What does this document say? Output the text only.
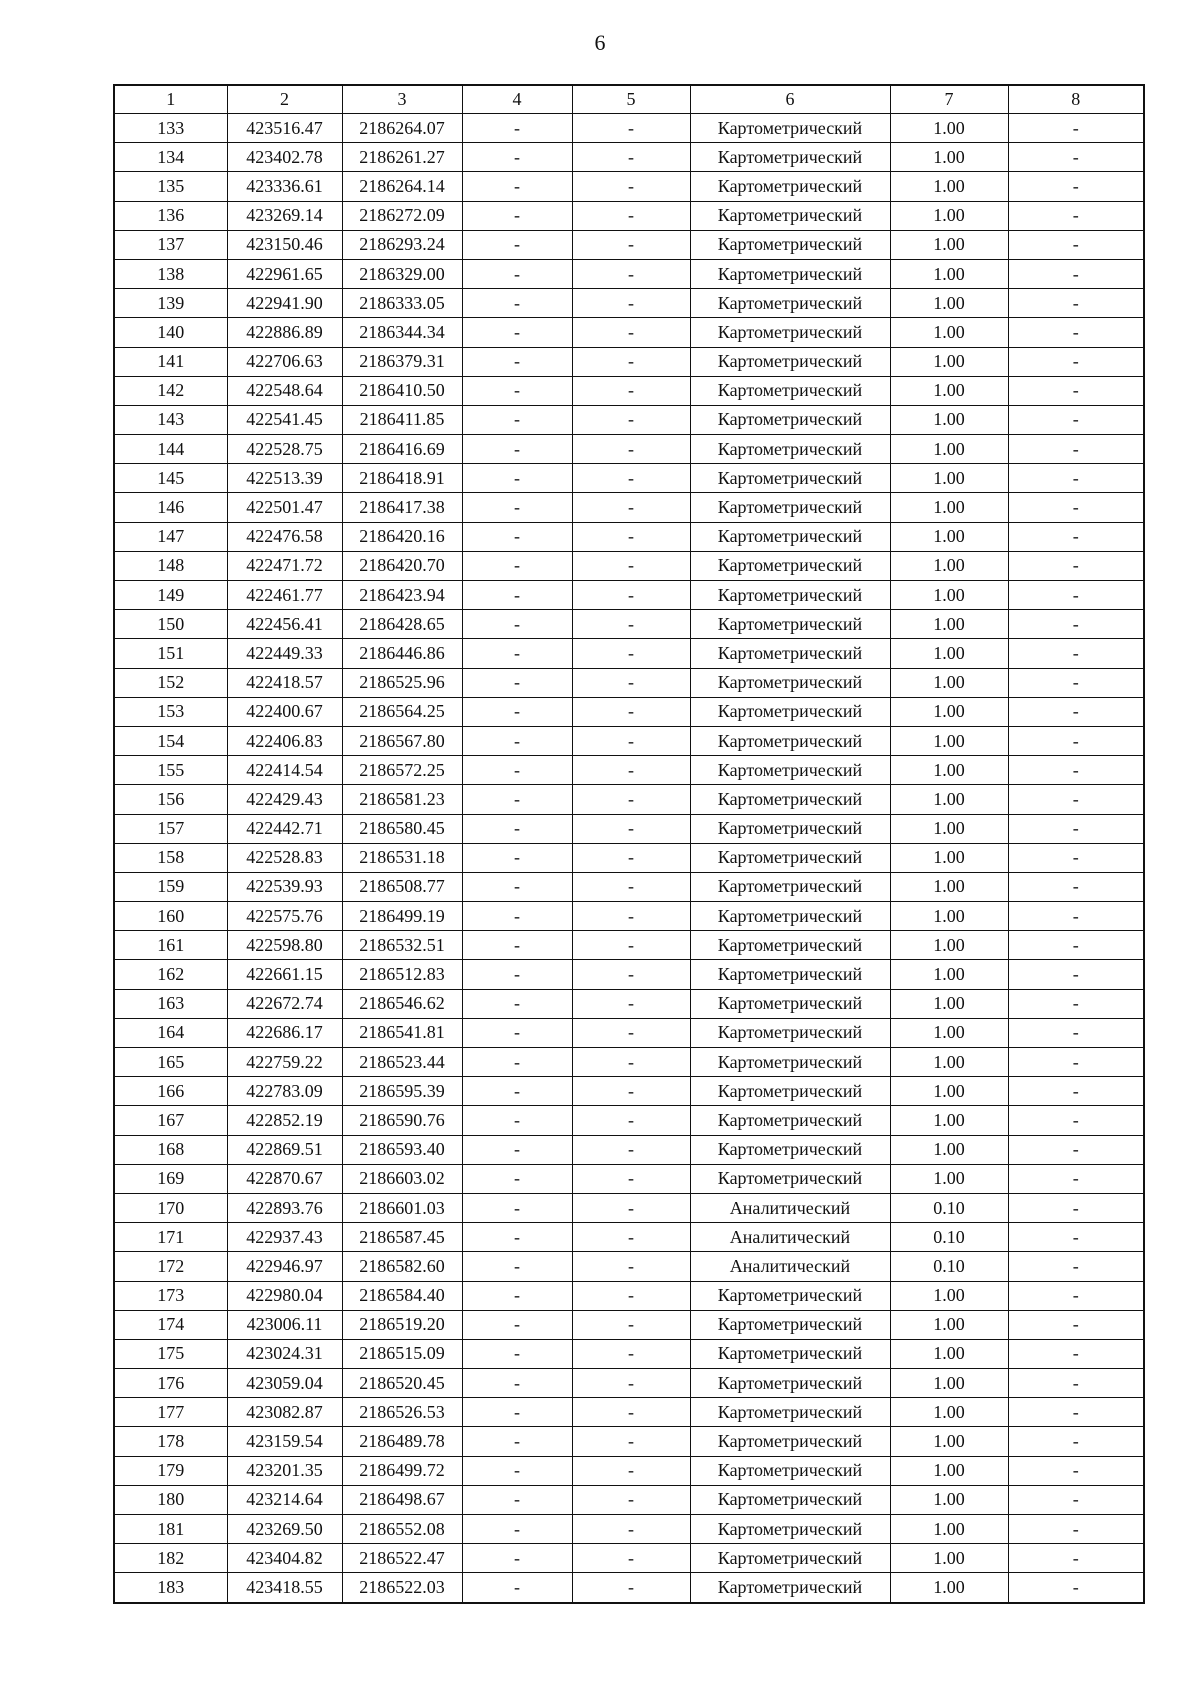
6
1	2	3	4	5	6	7	8
133	423516.47	2186264.07	-	-	Картометрический	1.00	-
134	423402.78	2186261.27	-	-	Картометрический	1.00	-
135	423336.61	2186264.14	-	-	Картометрический	1.00	-
136	423269.14	2186272.09	-	-	Картометрический	1.00	-
137	423150.46	2186293.24	-	-	Картометрический	1.00	-
138	422961.65	2186329.00	-	-	Картометрический	1.00	-
139	422941.90	2186333.05	-	-	Картометрический	1.00	-
140	422886.89	2186344.34	-	-	Картометрический	1.00	-
141	422706.63	2186379.31	-	-	Картометрический	1.00	-
142	422548.64	2186410.50	-	-	Картометрический	1.00	-
143	422541.45	2186411.85	-	-	Картометрический	1.00	-
144	422528.75	2186416.69	-	-	Картометрический	1.00	-
145	422513.39	2186418.91	-	-	Картометрический	1.00	-
146	422501.47	2186417.38	-	-	Картометрический	1.00	-
147	422476.58	2186420.16	-	-	Картометрический	1.00	-
148	422471.72	2186420.70	-	-	Картометрический	1.00	-
149	422461.77	2186423.94	-	-	Картометрический	1.00	-
150	422456.41	2186428.65	-	-	Картометрический	1.00	-
151	422449.33	2186446.86	-	-	Картометрический	1.00	-
152	422418.57	2186525.96	-	-	Картометрический	1.00	-
153	422400.67	2186564.25	-	-	Картометрический	1.00	-
154	422406.83	2186567.80	-	-	Картометрический	1.00	-
155	422414.54	2186572.25	-	-	Картометрический	1.00	-
156	422429.43	2186581.23	-	-	Картометрический	1.00	-
157	422442.71	2186580.45	-	-	Картометрический	1.00	-
158	422528.83	2186531.18	-	-	Картометрический	1.00	-
159	422539.93	2186508.77	-	-	Картометрический	1.00	-
160	422575.76	2186499.19	-	-	Картометрический	1.00	-
161	422598.80	2186532.51	-	-	Картометрический	1.00	-
162	422661.15	2186512.83	-	-	Картометрический	1.00	-
163	422672.74	2186546.62	-	-	Картометрический	1.00	-
164	422686.17	2186541.81	-	-	Картометрический	1.00	-
165	422759.22	2186523.44	-	-	Картометрический	1.00	-
166	422783.09	2186595.39	-	-	Картометрический	1.00	-
167	422852.19	2186590.76	-	-	Картометрический	1.00	-
168	422869.51	2186593.40	-	-	Картометрический	1.00	-
169	422870.67	2186603.02	-	-	Картометрический	1.00	-
170	422893.76	2186601.03	-	-	Аналитический	0.10	-
171	422937.43	2186587.45	-	-	Аналитический	0.10	-
172	422946.97	2186582.60	-	-	Аналитический	0.10	-
173	422980.04	2186584.40	-	-	Картометрический	1.00	-
174	423006.11	2186519.20	-	-	Картометрический	1.00	-
175	423024.31	2186515.09	-	-	Картометрический	1.00	-
176	423059.04	2186520.45	-	-	Картометрический	1.00	-
177	423082.87	2186526.53	-	-	Картометрический	1.00	-
178	423159.54	2186489.78	-	-	Картометрический	1.00	-
179	423201.35	2186499.72	-	-	Картометрический	1.00	-
180	423214.64	2186498.67	-	-	Картометрический	1.00	-
181	423269.50	2186552.08	-	-	Картометрический	1.00	-
182	423404.82	2186522.47	-	-	Картометрический	1.00	-
183	423418.55	2186522.03	-	-	Картометрический	1.00	-
